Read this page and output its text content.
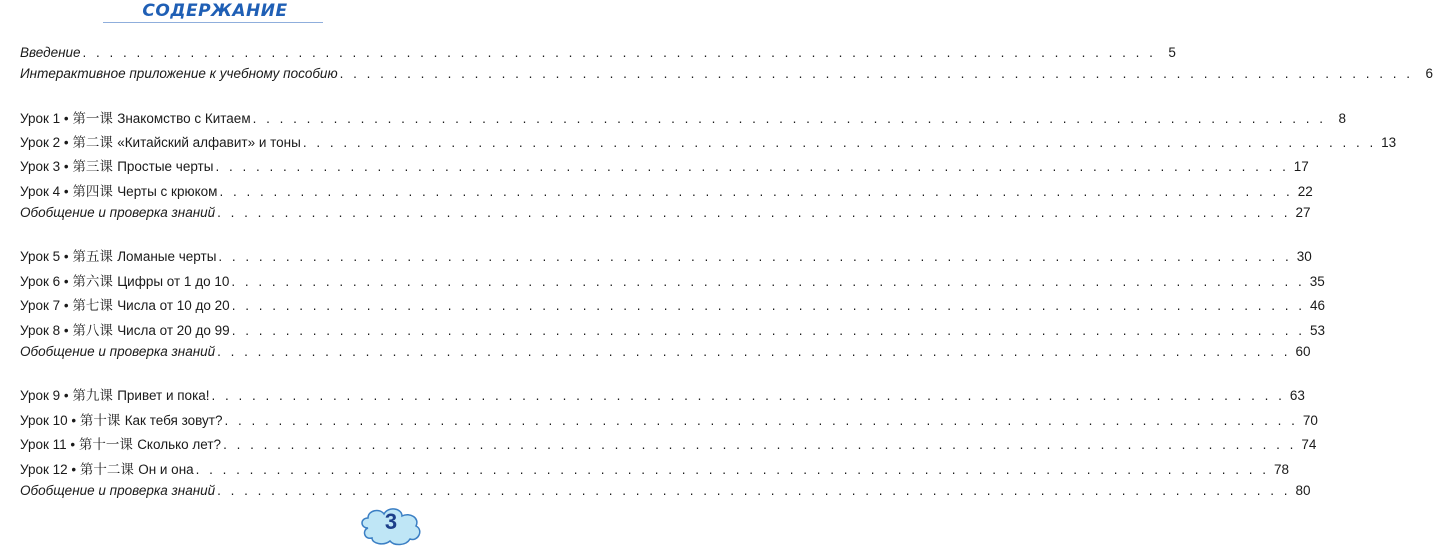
СОДЕРЖАНИЕ
Введение . . . . . . . . . . . . . . . . . . . . . . . . . . . . . . . . . . . . . . . . . . . . . . . . . . . . . . . . . . . . . . . . . . . . . . . . . . . . . . . . 5
Интерактивное приложение к учебному пособию . . . . . . . . . . . . . . . . . . . . . . . . . . . . . . . . . . . . . . . . . . . . . . . . . . . . . . . . . . . . . . . . . . . . . . . . . . . . . . . . 6
Урок 1 • 第一课 Знакомство с Китаем . . . . . . . . . . . . . . . . . . . . . . . . . . . . . . . . . . . . . . . . . . . . . . . . . . . . . . . . . . . . . . . . . . . . . . . . . . . . . . . . 8
Урок 2 • 第二课 «Китайский алфавит» и тоны . . . . . . . . . . . . . . . . . . . . . . . . . . . . . . . . . . . . . . . . . . . . . . . . . . . . . . . . . . . . . . . . . . . . . . . . . . . . . . . . 13
Урок 3 • 第三课 Простые черты . . . . . . . . . . . . . . . . . . . . . . . . . . . . . . . . . . . . . . . . . . . . . . . . . . . . . . . . . . . . . . . . . . . . . . . . . . . . . . . . 17
Урок 4 • 第四课 Черты с крюком . . . . . . . . . . . . . . . . . . . . . . . . . . . . . . . . . . . . . . . . . . . . . . . . . . . . . . . . . . . . . . . . . . . . . . . . . . . . . . . . 22
Обобщение и проверка знаний . . . . . . . . . . . . . . . . . . . . . . . . . . . . . . . . . . . . . . . . . . . . . . . . . . . . . . . . . . . . . . . . . . . . . . . . . . . . . . . . 27
Урок 5 • 第五课 Ломаные черты . . . . . . . . . . . . . . . . . . . . . . . . . . . . . . . . . . . . . . . . . . . . . . . . . . . . . . . . . . . . . . . . . . . . . . . . . . . . . . . . 30
Урок 6 • 第六课 Цифры от 1 до 10 . . . . . . . . . . . . . . . . . . . . . . . . . . . . . . . . . . . . . . . . . . . . . . . . . . . . . . . . . . . . . . . . . . . . . . . . . . . . . . . . 35
Урок 7 • 第七课 Числа от 10 до 20 . . . . . . . . . . . . . . . . . . . . . . . . . . . . . . . . . . . . . . . . . . . . . . . . . . . . . . . . . . . . . . . . . . . . . . . . . . . . . . . . 46
Урок 8 • 第八课 Числа от 20 до 99 . . . . . . . . . . . . . . . . . . . . . . . . . . . . . . . . . . . . . . . . . . . . . . . . . . . . . . . . . . . . . . . . . . . . . . . . . . . . . . . . 53
Обобщение и проверка знаний . . . . . . . . . . . . . . . . . . . . . . . . . . . . . . . . . . . . . . . . . . . . . . . . . . . . . . . . . . . . . . . . . . . . . . . . . . . . . . . . 60
Урок 9 • 第九课 Привет и пока! . . . . . . . . . . . . . . . . . . . . . . . . . . . . . . . . . . . . . . . . . . . . . . . . . . . . . . . . . . . . . . . . . . . . . . . . . . . . . . . . 63
Урок 10 • 第十课 Как тебя зовут? . . . . . . . . . . . . . . . . . . . . . . . . . . . . . . . . . . . . . . . . . . . . . . . . . . . . . . . . . . . . . . . . . . . . . . . . . . . . . . . . 70
Урок 11 • 第十一课 Сколько лет? . . . . . . . . . . . . . . . . . . . . . . . . . . . . . . . . . . . . . . . . . . . . . . . . . . . . . . . . . . . . . . . . . . . . . . . . . . . . . . . . 74
Урок 12 • 第十二课 Он и она . . . . . . . . . . . . . . . . . . . . . . . . . . . . . . . . . . . . . . . . . . . . . . . . . . . . . . . . . . . . . . . . . . . . . . . . . . . . . . . . 78
Обобщение и проверка знаний . . . . . . . . . . . . . . . . . . . . . . . . . . . . . . . . . . . . . . . . . . . . . . . . . . . . . . . . . . . . . . . . . . . . . . . . . . . . . . . . 80
3
